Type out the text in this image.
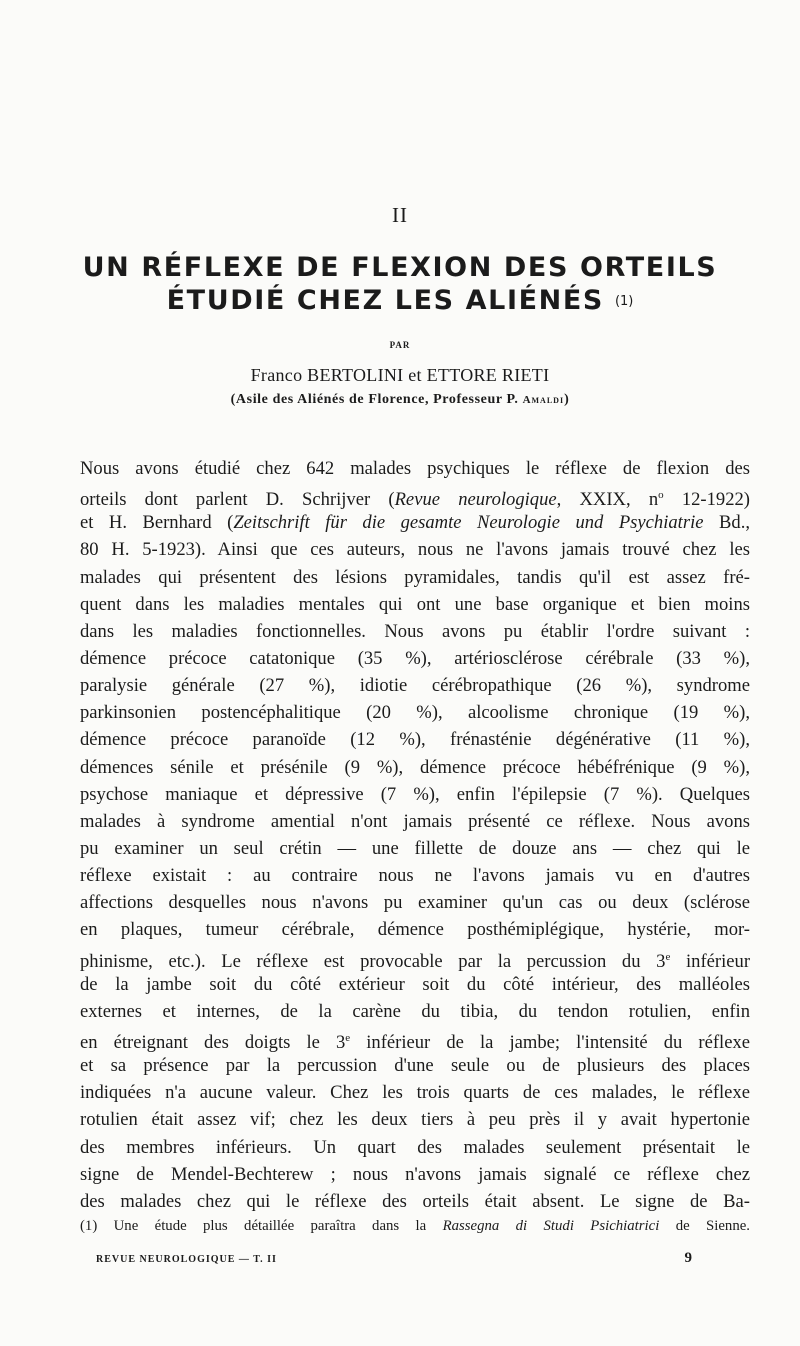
II
UN RÉFLEXE DE FLEXION DES ORTEILS
ÉTUDIÉ CHEZ LES ALIÉNÉS (1)
PAR
Franco BERTOLINI et ETTORE RIETI
(Asile des Aliénés de Florence, Professeur P. Amaldi)
Nous avons étudié chez 642 malades psychiques le réflexe de flexion des
orteils dont parlent D. Schrijver (Revue neurologique, XXIX, $n^o$ 12-1922)
et H. Bernhard (Zeitschrift für die gesamte Neurologie und Psychiatrie Bd.,
80 H. 5-1923). Ainsi que ces auteurs, nous ne l'avons jamais trouvé chez les
malades qui présentent des lésions pyramidales, tandis qu'il est assez fré-
quent dans les maladies mentales qui ont une base organique et bien moins
dans les maladies fonctionnelles. Nous avons pu établir l'ordre suivant :
démence précoce catatonique (35 %), artériosclérose cérébrale (33 %),
paralysie générale (27 %), idiotie cérébropathique (26 %), syndrome
parkinsonien postencéphalitique (20 %), alcoolisme chronique (19 %),
démence précoce paranoïde (12 %), frénasténie dégénérative (11 %),
démences sénile et présénile (9 %), démence précoce hébéfrénique (9 %),
psychose maniaque et dépressive (7 %), enfin l'épilepsie (7 %). Quelques
malades à syndrome amential n'ont jamais présenté ce réflexe. Nous avons
pu examiner un seul crétin — une fillette de douze ans — chez qui le
réflexe existait : au contraire nous ne l'avons jamais vu en d'autres
affections desquelles nous n'avons pu examiner qu'un cas ou deux (sclérose
en plaques, tumeur cérébrale, démence posthémiplégique, hystérie, mor-
phinisme, etc.). Le réflexe est provocable par la percussion du 3e inférieur
de la jambe soit du côté extérieur soit du côté intérieur, des malléoles
externes et internes, de la carène du tibia, du tendon rotulien, enfin
en étreignant des doigts le 3e inférieur de la jambe; l'intensité du réflexe
et sa présence par la percussion d'une seule ou de plusieurs des places
indiquées n'a aucune valeur. Chez les trois quarts de ces malades, le réflexe
rotulien était assez vif; chez les deux tiers à peu près il y avait hypertonie
des membres inférieurs. Un quart des malades seulement présentait le
signe de Mendel-Bechterew ; nous n'avons jamais signalé ce réflexe chez
des malades chez qui le réflexe des orteils était absent. Le signe de Ba-
(1) Une étude plus détaillée paraîtra dans la Rassegna di Studi Psichiatrici de Sienne.
REVUE NEUROLOGIQUE — T. II	9
